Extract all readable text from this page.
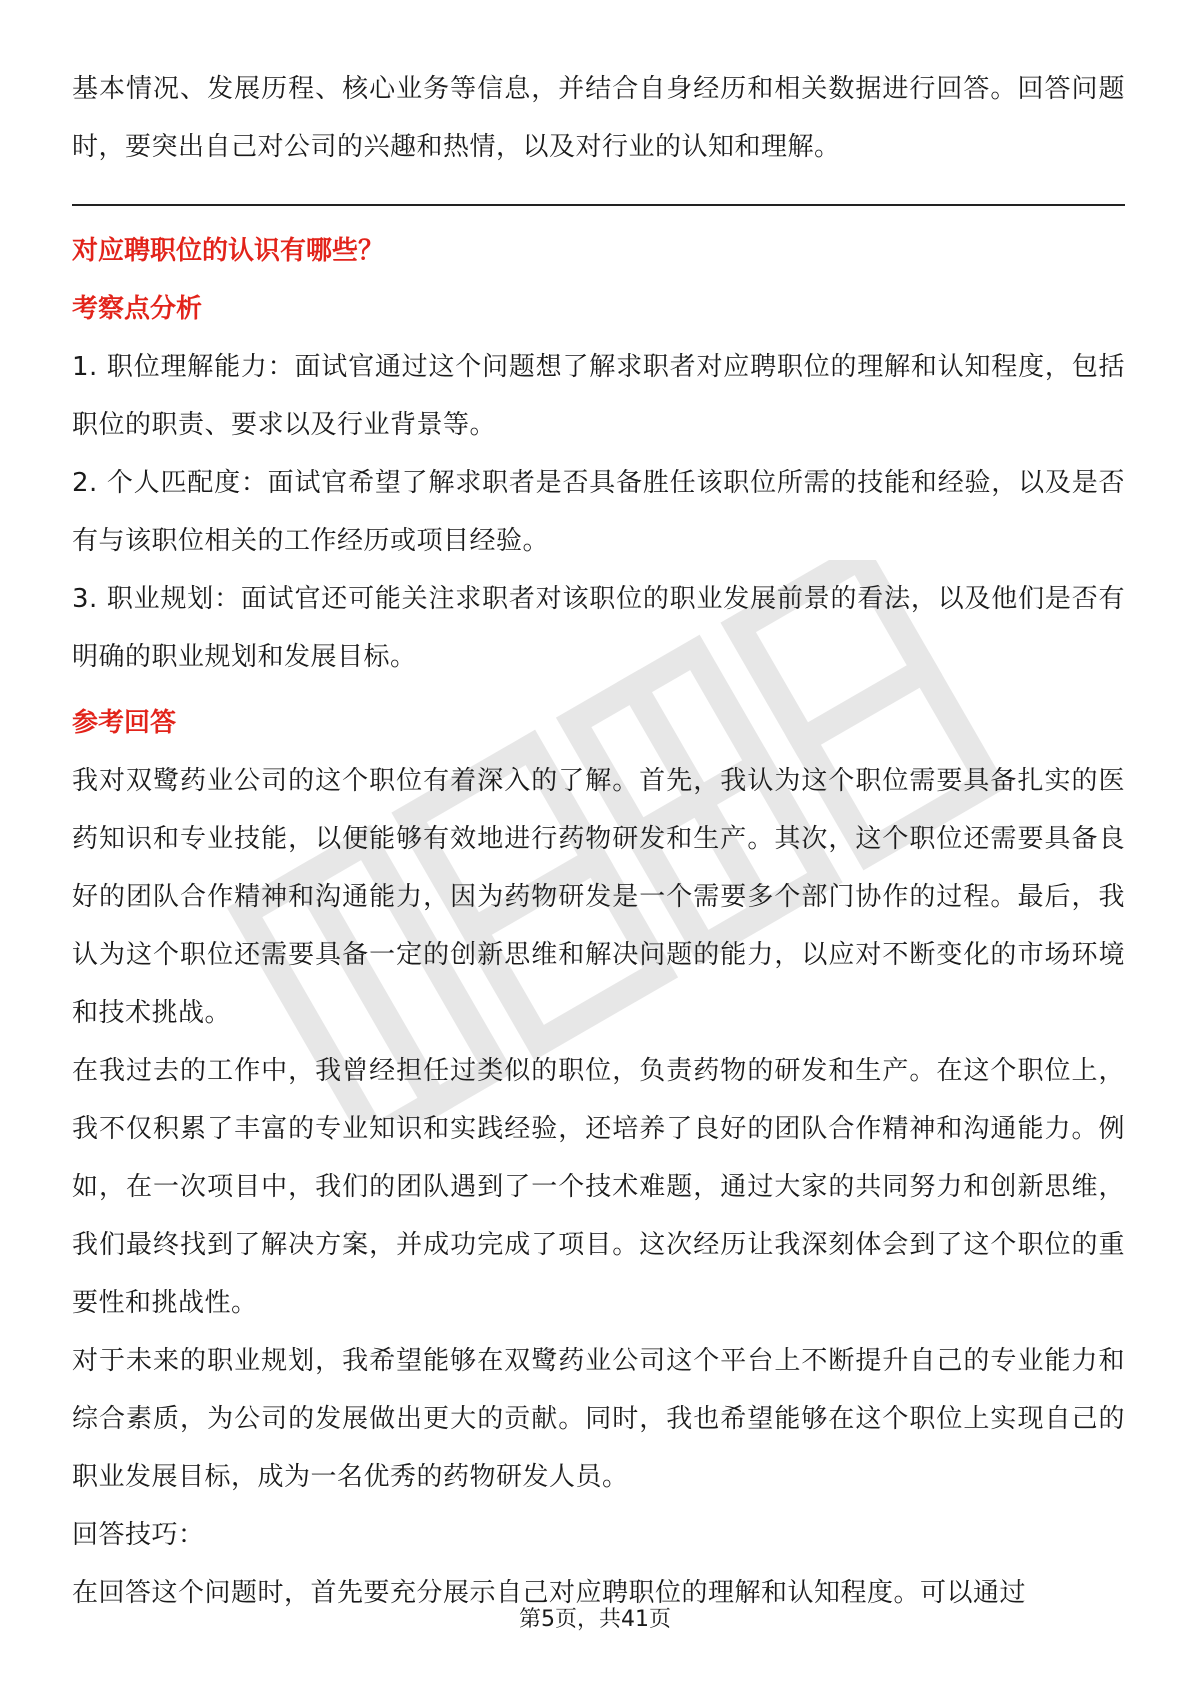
基本情况、发展历程、核心业务等信息，并结合自身经历和相关数据进行回答。回答问题时，要突出自己对公司的兴趣和热情，以及对行业的认知和理解。

对应聘职位的认识有哪些？

考察点分析

1. 职位理解能力：面试官通过这个问题想了解求职者对应聘职位的理解和认知程度，包括职位的职责、要求以及行业背景等。

2. 个人匹配度：面试官希望了解求职者是否具备胜任该职位所需的技能和经验，以及是否有与该职位相关的工作经历或项目经验。

3. 职业规划：面试官还可能关注求职者对该职位的职业发展前景的看法，以及他们是否有明确的职业规划和发展目标。

参考回答

我对双鹭药业公司的这个职位有着深入的了解。首先，我认为这个职位需要具备扎实的医药知识和专业技能，以便能够有效地进行药物研发和生产。其次，这个职位还需要具备良好的团队合作精神和沟通能力，因为药物研发是一个需要多个部门协作的过程。最后，我认为这个职位还需要具备一定的创新思维和解决问题的能力，以应对不断变化的市场环境和技术挑战。

在我过去的工作中，我曾经担任过类似的职位，负责药物的研发和生产。在这个职位上，我不仅积累了丰富的专业知识和实践经验，还培养了良好的团队合作精神和沟通能力。例如，在一次项目中，我们的团队遇到了一个技术难题，通过大家的共同努力和创新思维，我们最终找到了解决方案，并成功完成了项目。这次经历让我深刻体会到了这个职位的重要性和挑战性。

对于未来的职业规划，我希望能够在双鹭药业公司这个平台上不断提升自己的专业能力和综合素质，为公司的发展做出更大的贡献。同时，我也希望能够在这个职位上实现自己的职业发展目标，成为一名优秀的药物研发人员。

回答技巧：

在回答这个问题时，首先要充分展示自己对应聘职位的理解和认知程度。可以通过

第5页，共41页
